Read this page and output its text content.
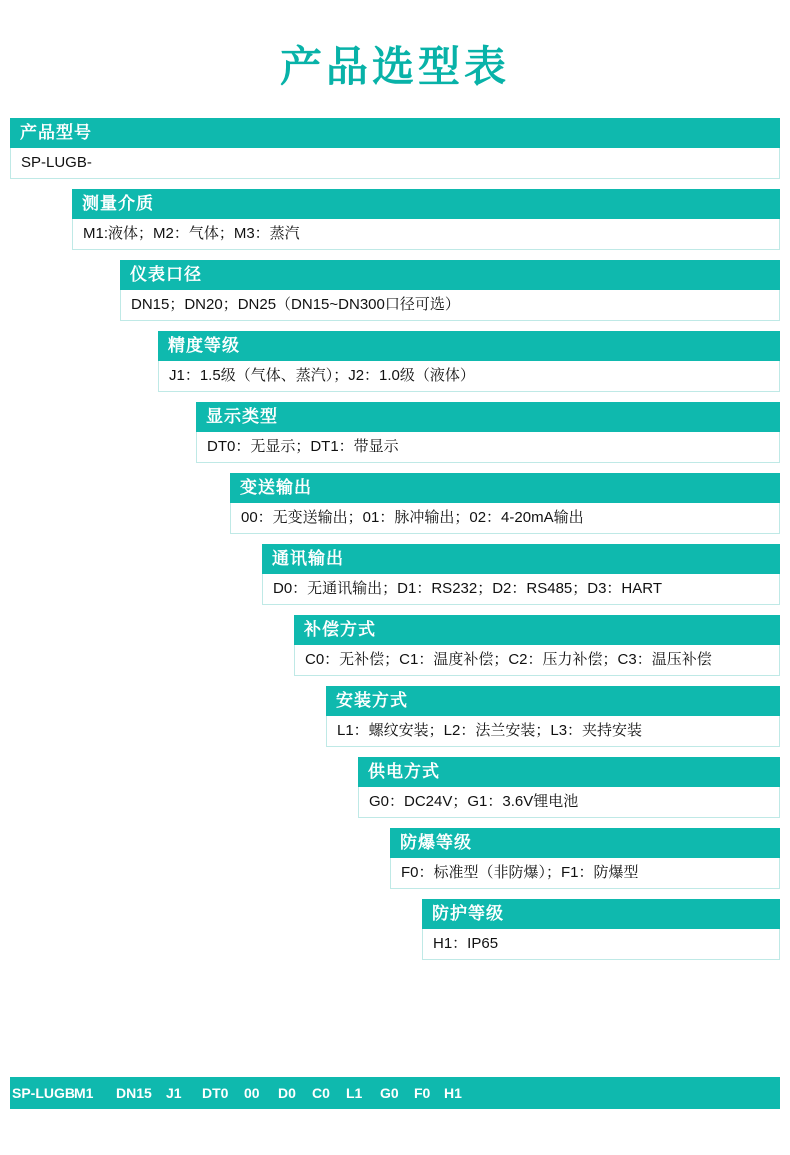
产品选型表
产品型号
SP-LUGB-
测量介质
M1:液体；M2：气体；M3：蒸汽
仪表口径
DN15；DN20；DN25（DN15~DN300口径可选）
精度等级
J1：1.5级（气体、蒸汽）；J2：1.0级（液体）
显示类型
DT0：无显示；DT1：带显示
变送输出
00：无变送输出；01：脉冲输出；02：4-20mA输出
通讯输出
D0：无通讯输出；D1：RS232；D2：RS485；D3：HART
补偿方式
C0：无补偿；C1：温度补偿；C2：压力补偿；C3：温压补偿
安装方式
L1：螺纹安装；L2：法兰安装；L3：夹持安装
供电方式
G0：DC24V；G1：3.6V锂电池
防爆等级
F0：标准型（非防爆）；F1：防爆型
防护等级
H1：IP65
SP-LUGB M1	DN15	J1	DT0	00	D0	C0	L1	G0	F0 H1
